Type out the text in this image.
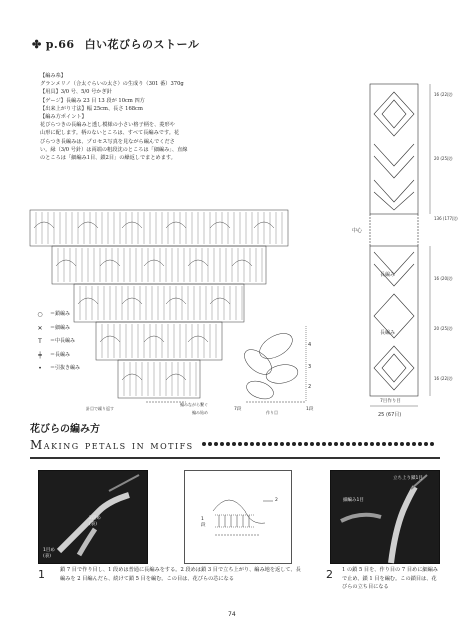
✤ p.66 白い花びらのストール
【編み糸】
グランメリノ（合太ぐらいの太さ）の生成り（301 番）370g
【用具】3/0 号、5/0 号かぎ針
【ゲージ】長編み 23 目 13 段が 10cm 四方
【出来上がり寸法】幅 25cm、長さ 168cm
【編み方ポイント】
花びらつきの長編みと透し模様の小さい格子柄を、菱形や
山形に配します。柄のないところは、すべて長編みです。花
びらつき長編みは、プロセス写真を見ながら編んでくださ
い。縁（3/0 号針）は両端の粗段沈のところは「細編み」、直線
のところは「細編み1目、鎖2目」の繰返しでまとめます。
針目で繰り返す
編みながら繋ぐ
編み始め
○	＝鎖編み
✕	＝細編み
T	＝中長編み
╪	＝長編み
•	＝引抜き編み
4
3
2
1段
7段
作り目
中心
長編み
長編み
7目作り目
25 (67目)
16 (22段)
20 (25段)
136 (177段)
16 (20段)
20 (25段)
16 (22段)
花びらの編み方
Making petals in motifs
2段め
(表)
1目め
(表)
1
段
2
立ち上り鎖1目
細編み1目
1	鎖 7 目で作り目し、1 段めは普通に長編みをする。2 段めは鎖 3 目で立ち上がり、編み地を返して、長編みを 2 目編んだら、続けて鎖 5 目を編む。この目は、花びらの芯になる	2 1 の鎖 5 目を、作り目の 7 目めに細編みで止め、鎖 1 目を編む。この鎖目は、花びらの立ち目になる
74
